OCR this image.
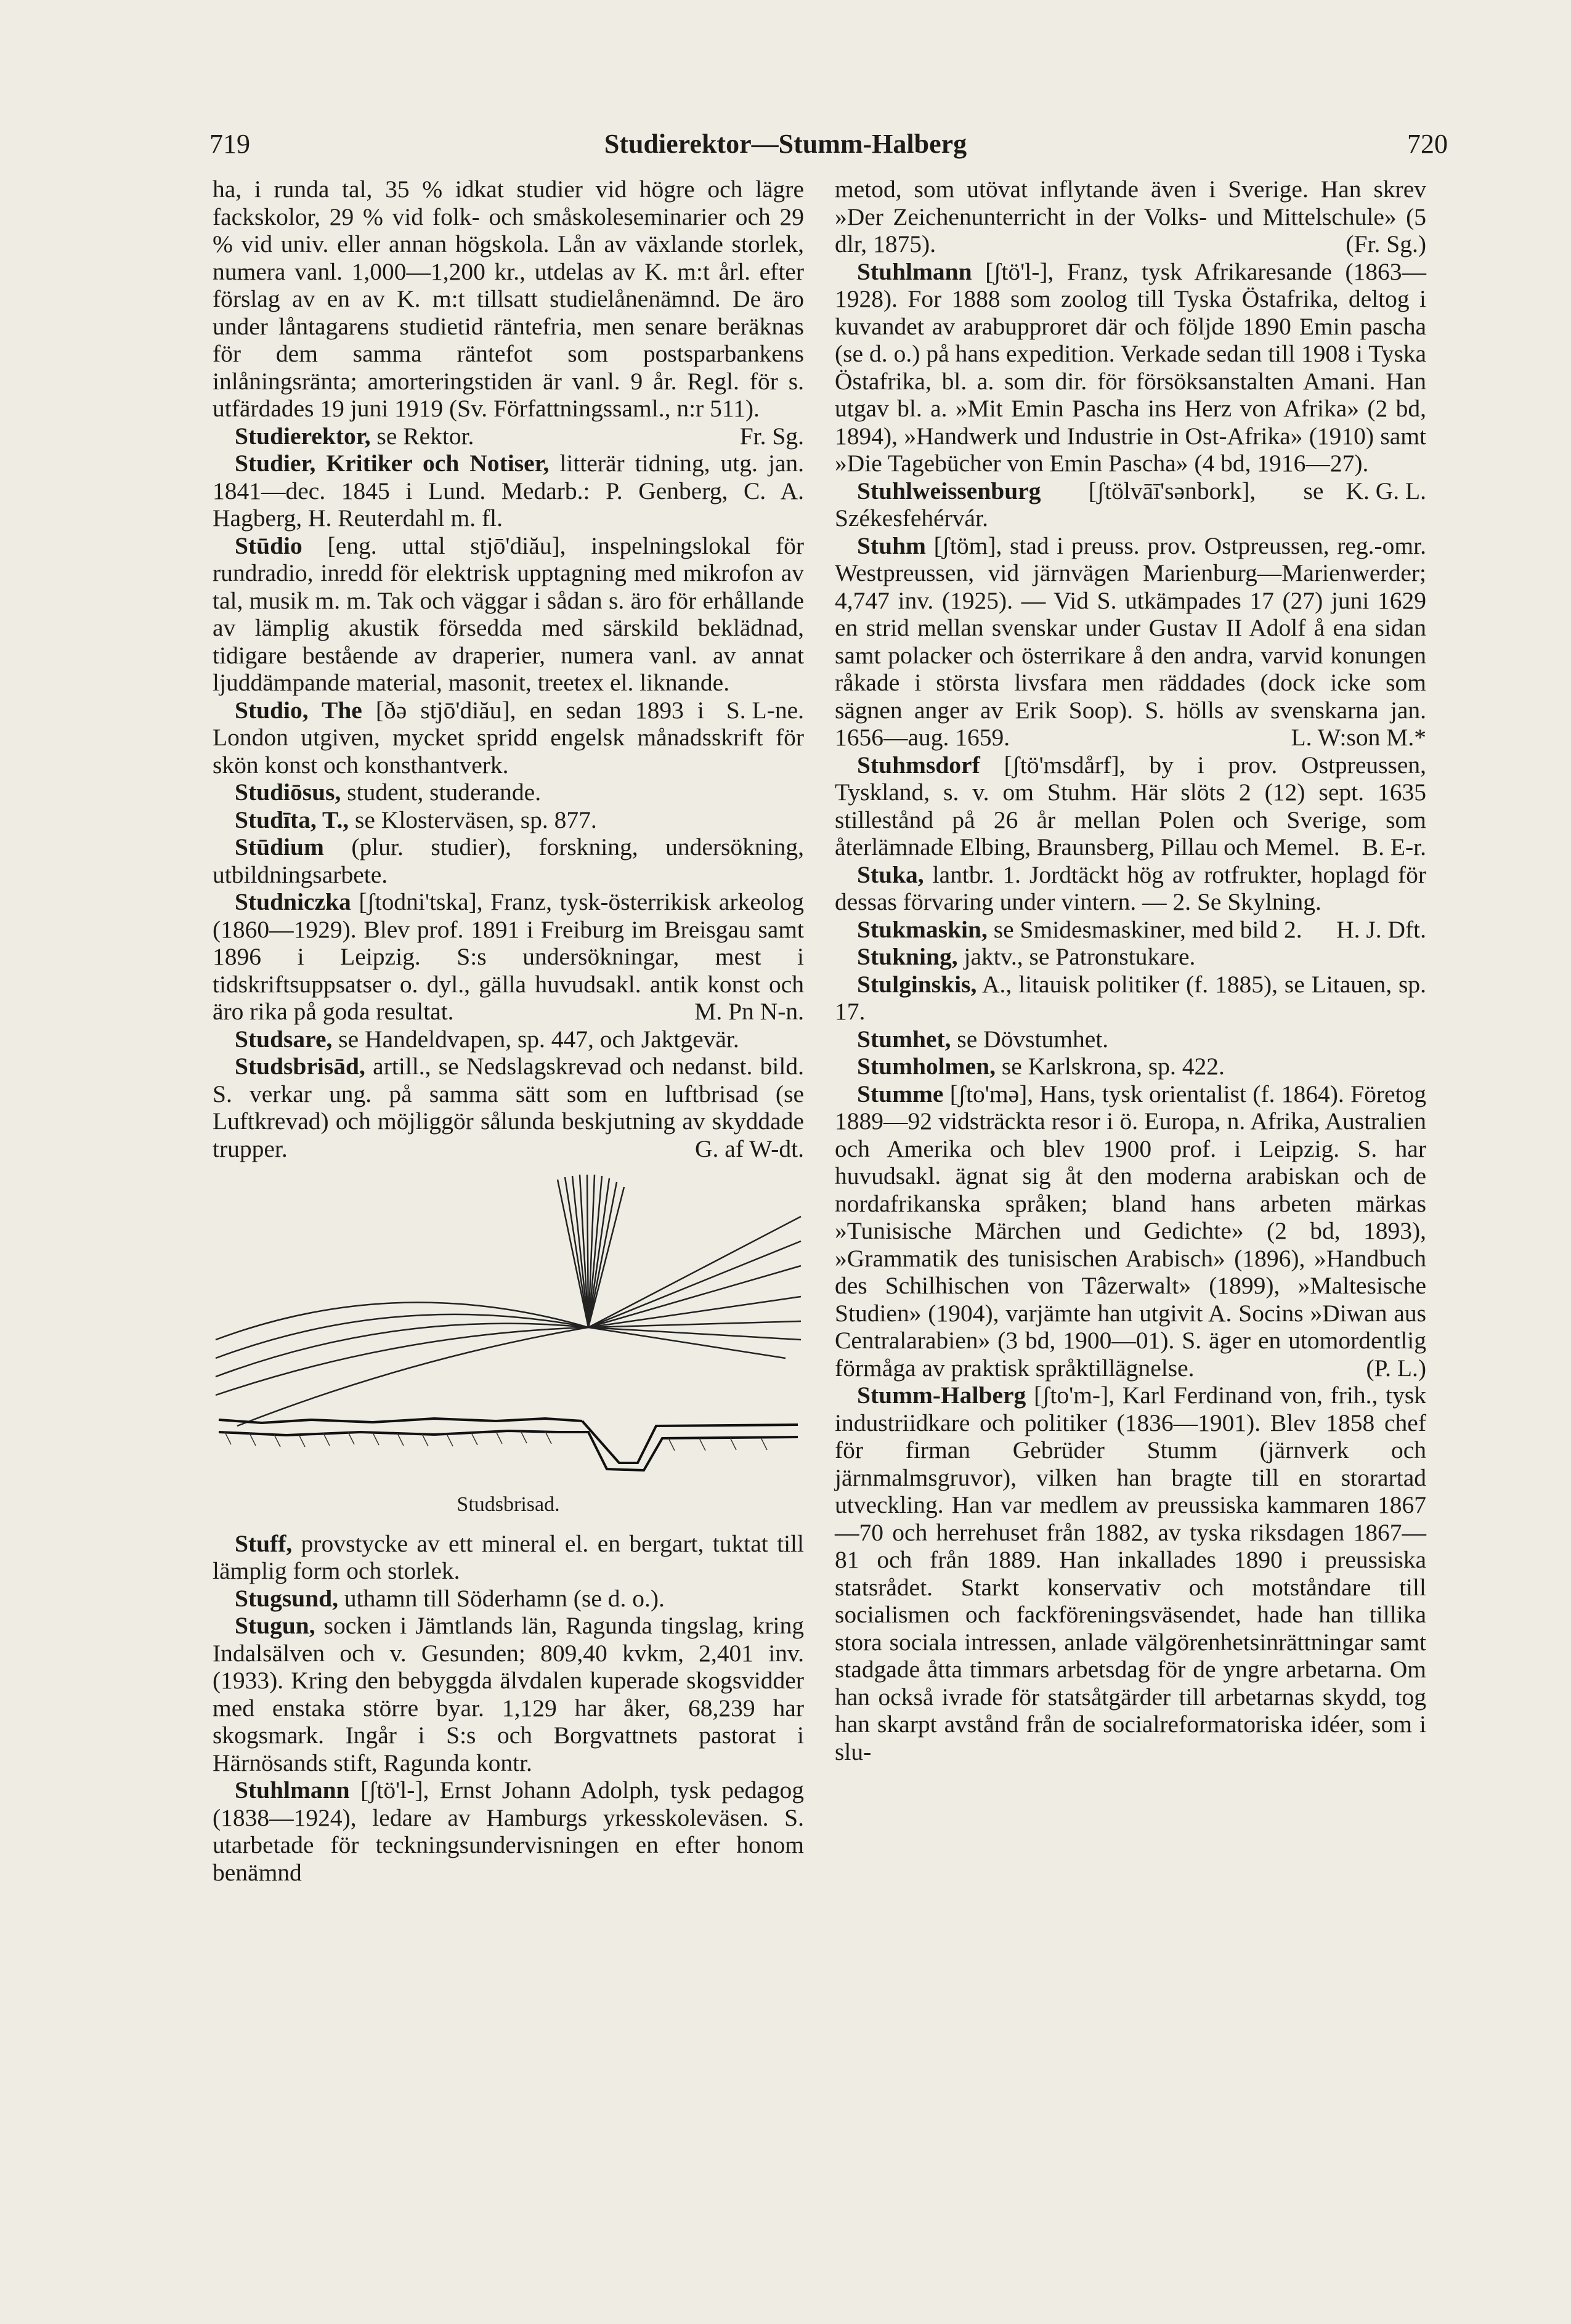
719	Studierektor—Stumm-Halberg	720

ha, i runda tal, 35 % idkat studier vid högre och lägre fackskolor, 29 % vid folk- och småskoleseminarier och 29 % vid univ. eller annan högskola. Lån av växlande storlek, numera vanl. 1,000—1,200 kr., utdelas av K. m:t årl. efter förslag av en av K. m:t tillsatt studielånenämnd. De äro under låntagarens studietid räntefria, men senare beräknas för dem samma räntefot som postsparbankens inlåningsränta; amorteringstiden är vanl. 9 år. Regl. för s. utfärdades 19 juni 1919 (Sv. Författningssaml., n:r 511).
Fr. Sg.

Studierektor, se Rektor.

Studier, Kritiker och Notiser, litterär tidning, utg. jan. 1841—dec. 1845 i Lund. Medarb.: P. Genberg, C. A. Hagberg, H. Reuterdahl m. fl.

Stūdio [eng. uttal stjō'diău], inspelningslokal för rundradio, inredd för elektrisk upptagning med mikrofon av tal, musik m. m. Tak och väggar i sådan s. äro för erhållande av lämplig akustik försedda med särskild beklädnad, tidigare bestående av draperier, numera vanl. av annat ljuddämpande material, masonit, treetex el. liknande.
S. L-ne.

Studio, The [ðə stjō'diău], en sedan 1893 i London utgiven, mycket spridd engelsk månadsskrift för skön konst och konsthantverk.

Studiōsus, student, studerande.

Studīta, T., se Klosterväsen, sp. 877.

Stūdium (plur. studier), forskning, undersökning, utbildningsarbete.

Studniczka [ʃtodni'tska], Franz, tysk-österrikisk arkeolog (1860—1929). Blev prof. 1891 i Freiburg im Breisgau samt 1896 i Leipzig. S:s undersökningar, mest i tidskriftsuppsatser o. dyl., gälla huvudsakl. antik konst och äro rika på goda resultat.	M. Pn N-n.

Studsare, se Handeldvapen, sp. 447, och Jaktgevär.

Studsbrisād, artill., se Nedslagskrevad och nedanst. bild. S. verkar ung. på samma sätt som en luftbrisad (se Luftkrevad) och möjliggör sålunda beskjutning av skyddade trupper.	G. af W-dt.

Studsbrisad.

Stuff, provstycke av ett mineral el. en bergart, tuktat till lämplig form och storlek.

Stugsund, uthamn till Söderhamn (se d. o.).

Stugun, socken i Jämtlands län, Ragunda tingslag, kring Indalsälven och v. Gesunden; 809,40 kvkm, 2,401 inv. (1933). Kring den bebyggda älvdalen kuperade skogsvidder med enstaka större byar. 1,129 har åker, 68,239 har skogsmark. Ingår i S:s och Borgvattnets pastorat i Härnösands stift, Ragunda kontr.

Stuhlmann [ʃtö'l-], Ernst Johann Adolph, tysk pedagog (1838—1924), ledare av Hamburgs yrkesskoleväsen. S. utarbetade för teckningsundervisningen en efter honom benämnd

metod, som utövat inflytande även i Sverige. Han skrev »Der Zeichenunterricht in der Volks- und Mittelschule» (5 dlr, 1875).	(Fr. Sg.)

Stuhlmann [ʃtö'l-], Franz, tysk Afrikaresande (1863—1928). For 1888 som zoolog till Tyska Östafrika, deltog i kuvandet av arabupproret där och följde 1890 Emin pascha (se d. o.) på hans expedition. Verkade sedan till 1908 i Tyska Östafrika, bl. a. som dir. för försöksanstalten Amani. Han utgav bl. a. »Mit Emin Pascha ins Herz von Afrika» (2 bd, 1894), »Handwerk und Industrie in Ost-Afrika» (1910) samt »Die Tagebücher von Emin Pascha» (4 bd, 1916—27).
K. G. L.

Stuhlweissenburg [ʃtölvāī'sənbork], se Székesfehérvár.

Stuhm [ʃtöm], stad i preuss. prov. Ostpreussen, reg.-omr. Westpreussen, vid järnvägen Marienburg—Marienwerder; 4,747 inv. (1925). — Vid S. utkämpades 17 (27) juni 1629 en strid mellan svenskar under Gustav II Adolf å ena sidan samt polacker och österrikare å den andra, varvid konungen råkade i största livsfara men räddades (dock icke som sägnen anger av Erik Soop). S. hölls av svenskarna jan. 1656—aug. 1659.	L. W:son M.*

Stuhmsdorf [ʃtö'msdårf], by i prov. Ostpreussen, Tyskland, s. v. om Stuhm. Här slöts 2 (12) sept. 1635 stillestånd på 26 år mellan Polen och Sverige, som återlämnade Elbing, Braunsberg, Pillau och Memel. B. E-r.

Stuka, lantbr. 1. Jordtäckt hög av rotfrukter, hoplagd för dessas förvaring under vintern. — 2. Se Skylning.
H. J. Dft.

Stukmaskin, se Smidesmaskiner, med bild 2.

Stukning, jaktv., se Patronstukare.

Stulginskis, A., litauisk politiker (f. 1885), se Litauen, sp. 17.

Stumhet, se Dövstumhet.

Stumholmen, se Karlskrona, sp. 422.

Stumme [ʃto'mə], Hans, tysk orientalist (f. 1864). Företog 1889—92 vidsträckta resor i ö. Europa, n. Afrika, Australien och Amerika och blev 1900 prof. i Leipzig. S. har huvudsakl. ägnat sig åt den moderna arabiskan och de nordafrikanska språken; bland hans arbeten märkas »Tunisische Märchen und Gedichte» (2 bd, 1893), »Grammatik des tunisischen Arabisch» (1896), »Handbuch des Schilhischen von Tâzerwalt» (1899), »Maltesische Studien» (1904), varjämte han utgivit A. Socins »Diwan aus Centralarabien» (3 bd, 1900—01). S. äger en utomordentlig förmåga av praktisk språktillägnelse.	(P. L.)

Stumm-Halberg [ʃto'm-], Karl Ferdinand von, frih., tysk industriidkare och politiker (1836—1901). Blev 1858 chef för firman Gebrüder Stumm (järnverk och järnmalmsgruvor), vilken han bragte till en storartad utveckling. Han var medlem av preussiska kammaren 1867—70 och herrehuset från 1882, av tyska riksdagen 1867—81 och från 1889. Han inkallades 1890 i preussiska statsrådet. Starkt konservativ och motståndare till socialismen och fackföreningsväsendet, hade han tillika stora sociala intressen, anlade välgörenhetsinrättningar samt stadgade åtta timmars arbetsdag för de yngre arbetarna. Om han också ivrade för statsåtgärder till arbetarnas skydd, tog han skarpt avstånd från de socialreformatoriska idéer, som i slu-
